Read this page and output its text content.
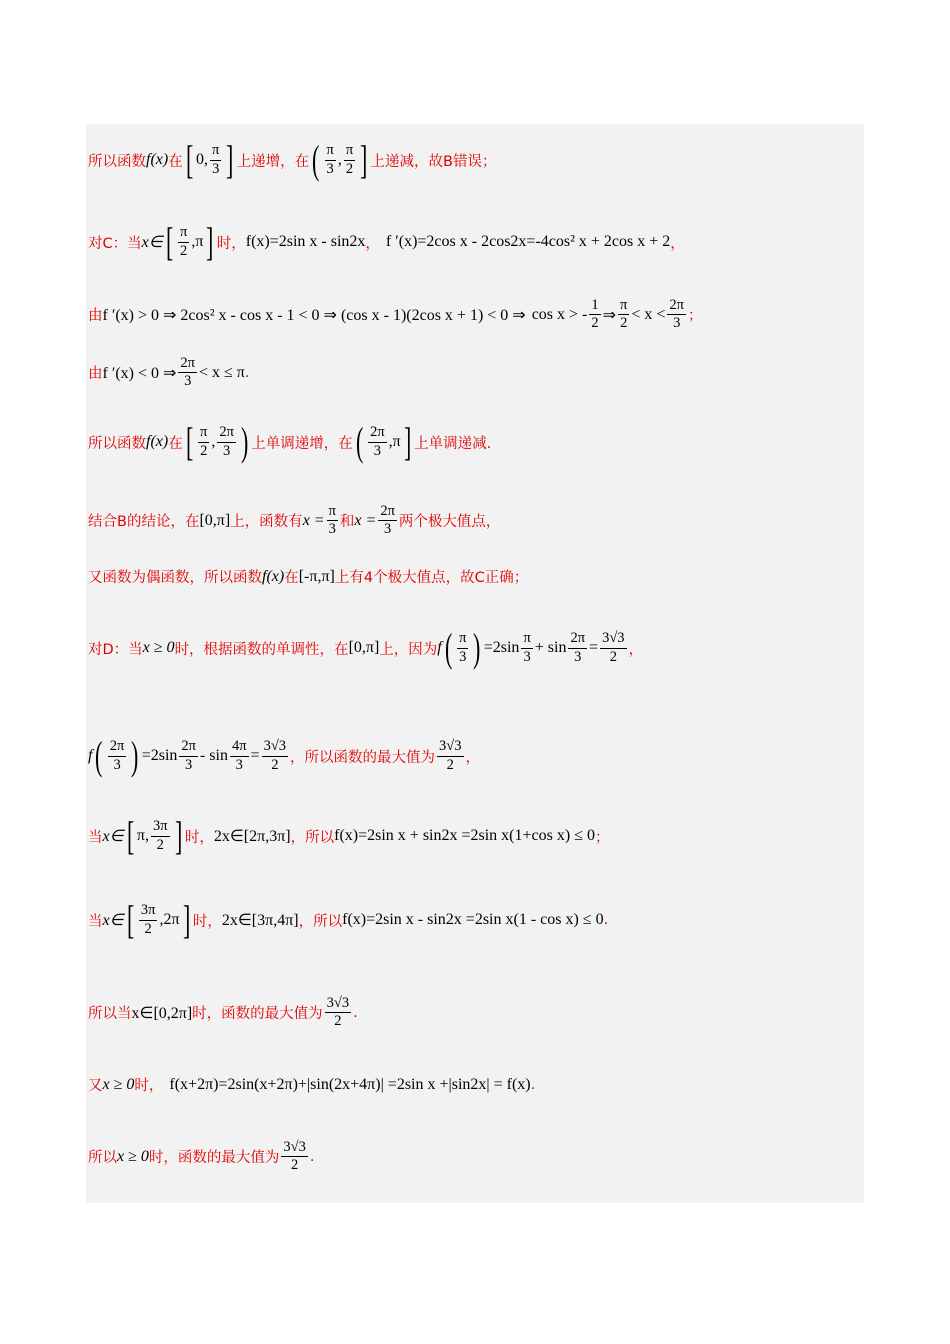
所以函数 f(x) 在 [ 0, $\frac{\pi}{3}$ ] 上递增，在 ( $\frac{\pi}{3}$ , $\frac{\pi}{2}$ ] 上递减，故B错误；
对C：当 x∈ [ $\frac{\pi}{2}$ , π ] 时， f(x)=2sin x - sin2x ， f ′(x)=2cos x - 2cos2x =-4cos² x + 2cos x + 2 ，
由 f ′(x) > 0 ⇒ 2cos² x - cos x - 1 < 0 ⇒ (cos x - 1)(2cos x + 1) < 0 ⇒ cos x > - $\frac{1}{2}$ ⇒ $\frac{\pi}{2} < x < \frac{2\pi}{3}$ ；
由 f ′(x) < 0 ⇒ $\frac{2\pi}{3} < x \le \pi$ .
所以函数 f(x) 在 [ $\frac{\pi}{2}$ , $\frac{2\pi}{3}$ ) 上单调递增，在 ( $\frac{2\pi}{3}$ , π ] 上单调递减.
结合B的结论，在 [0,π] 上，函数有 $x = \frac{\pi}{3}$ 和 $x = \frac{2\pi}{3}$ 两个极大值点，
又函数为偶函数，所以函数 f(x) 在 [-π,π] 上有4个极大值点，故C正确；
对D：当 x ≥ 0 时，根据函数的单调性，在 [0,π] 上，因为 f ( $\frac{\pi}{3}$ ) $=2\sin \frac{\pi}{3} + \sin \frac{2\pi}{3} = \frac{3√3}{2}$ ，
f ( $\frac{2\pi}{3}$ ) $=2\sin \frac{2\pi}{3} - \sin \frac{4\pi}{3} = \frac{3√3}{2}$ ，所以函数的最大值为 $\frac{3√3}{2}$ ，
当 x∈ [ π , $\frac{3\pi}{2}$ ] 时， 2x∈[2π,3π] ，所以 f(x)=2sin x + sin2x =2sin x(1+cos x) ≤ 0 ；
当 x∈ [ $\frac{3\pi}{2}$ , 2π ] 时， 2x∈[3π,4π] ，所以 f(x)=2sin x - sin2x =2sin x(1 - cos x) ≤ 0 .
所以当 x∈[0,2π] 时，函数的最大值为 $\frac{3√3}{2}$ .
又 x ≥ 0 时， f(x+2π)=2sin(x+2π)+|sin(2x+4π)| =2sin x +|sin2x| = f(x) .
所以 x ≥ 0 时，函数的最大值为 $\frac{3√3}{2}$ .
